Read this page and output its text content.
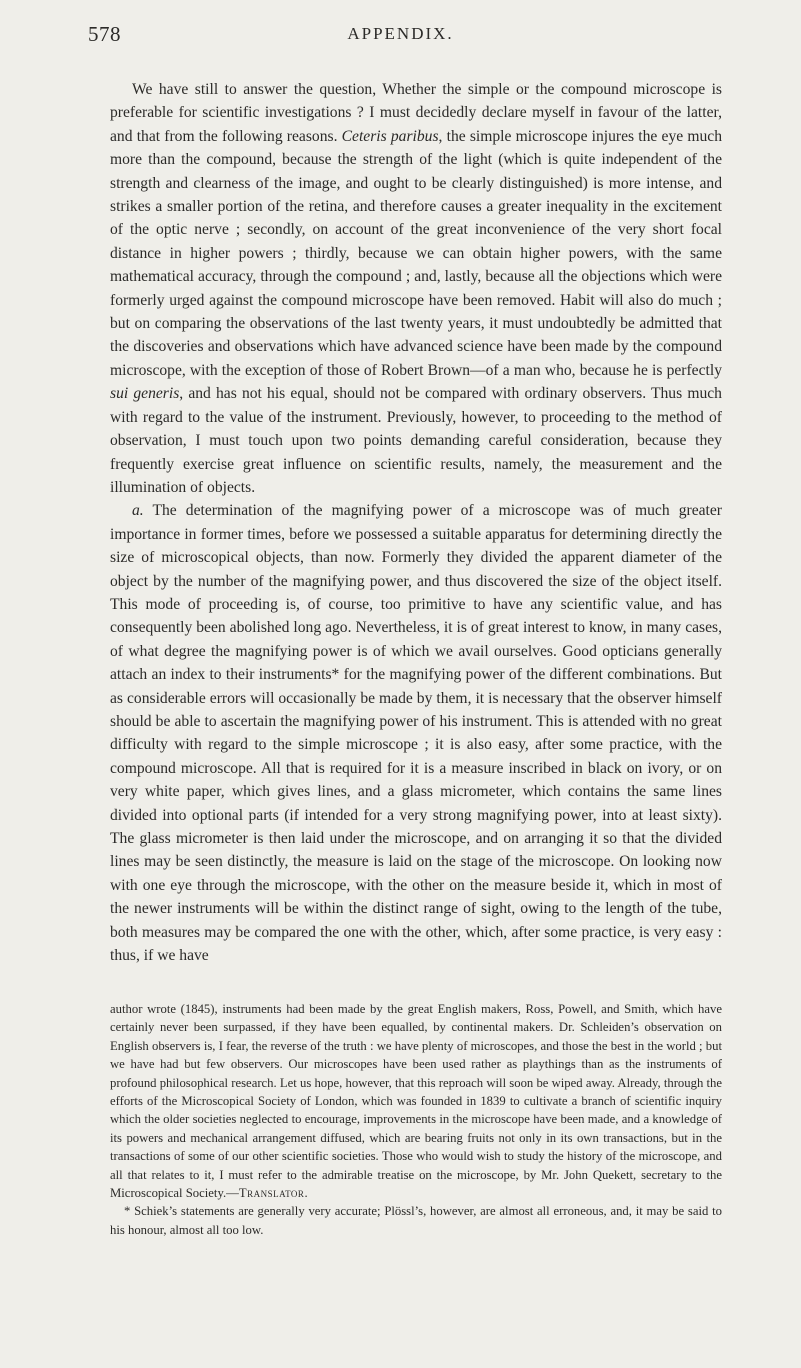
578	APPENDIX.

We have still to answer the question, Whether the simple or the compound microscope is preferable for scientific investigations ? I must decidedly declare myself in favour of the latter, and that from the following reasons. Ceteris paribus, the simple microscope injures the eye much more than the compound, because the strength of the light (which is quite independent of the strength and clearness of the image, and ought to be clearly distinguished) is more intense, and strikes a smaller portion of the retina, and therefore causes a greater inequality in the excitement of the optic nerve ; secondly, on account of the great inconvenience of the very short focal distance in higher powers ; thirdly, because we can obtain higher powers, with the same mathematical accuracy, through the compound ; and, lastly, because all the objections which were formerly urged against the compound microscope have been removed. Habit will also do much ; but on comparing the observations of the last twenty years, it must undoubtedly be admitted that the discoveries and observations which have advanced science have been made by the compound microscope, with the exception of those of Robert Brown—of a man who, because he is perfectly sui generis, and has not his equal, should not be compared with ordinary observers. Thus much with regard to the value of the instrument. Previously, however, to proceeding to the method of observation, I must touch upon two points demanding careful consideration, because they frequently exercise great influence on scientific results, namely, the measurement and the illumination of objects.

a. The determination of the magnifying power of a microscope was of much greater importance in former times, before we possessed a suitable apparatus for determining directly the size of microscopical objects, than now. Formerly they divided the apparent diameter of the object by the number of the magnifying power, and thus discovered the size of the object itself. This mode of proceeding is, of course, too primitive to have any scientific value, and has consequently been abolished long ago. Nevertheless, it is of great interest to know, in many cases, of what degree the magnifying power is of which we avail ourselves. Good opticians generally attach an index to their instruments* for the magnifying power of the different combinations. But as considerable errors will occasionally be made by them, it is necessary that the observer himself should be able to ascertain the magnifying power of his instrument. This is attended with no great difficulty with regard to the simple microscope ; it is also easy, after some practice, with the compound microscope. All that is required for it is a measure inscribed in black on ivory, or on very white paper, which gives lines, and a glass micrometer, which contains the same lines divided into optional parts (if intended for a very strong magnifying power, into at least sixty). The glass micrometer is then laid under the microscope, and on arranging it so that the divided lines may be seen distinctly, the measure is laid on the stage of the microscope. On looking now with one eye through the microscope, with the other on the measure beside it, which in most of the newer instruments will be within the distinct range of sight, owing to the length of the tube, both measures may be compared the one with the other, which, after some practice, is very easy : thus, if we have

author wrote (1845), instruments had been made by the great English makers, Ross, Powell, and Smith, which have certainly never been surpassed, if they have been equalled, by continental makers. Dr. Schleiden’s observation on English observers is, I fear, the reverse of the truth : we have plenty of microscopes, and those the best in the world ; but we have had but few observers. Our microscopes have been used rather as playthings than as the instruments of profound philosophical research. Let us hope, however, that this reproach will soon be wiped away. Already, through the efforts of the Microscopical Society of London, which was founded in 1839 to cultivate a branch of scientific inquiry which the older societies neglected to encourage, improvements in the microscope have been made, and a knowledge of its powers and mechanical arrangement diffused, which are bearing fruits not only in its own transactions, but in the transactions of some of our other scientific societies. Those who would wish to study the history of the microscope, and all that relates to it, I must refer to the admirable treatise on the microscope, by Mr. John Quekett, secretary to the Microscopical Society.—Translator.

* Schiek’s statements are generally very accurate; Plössl’s, however, are almost all erroneous, and, it may be said to his honour, almost all too low.
